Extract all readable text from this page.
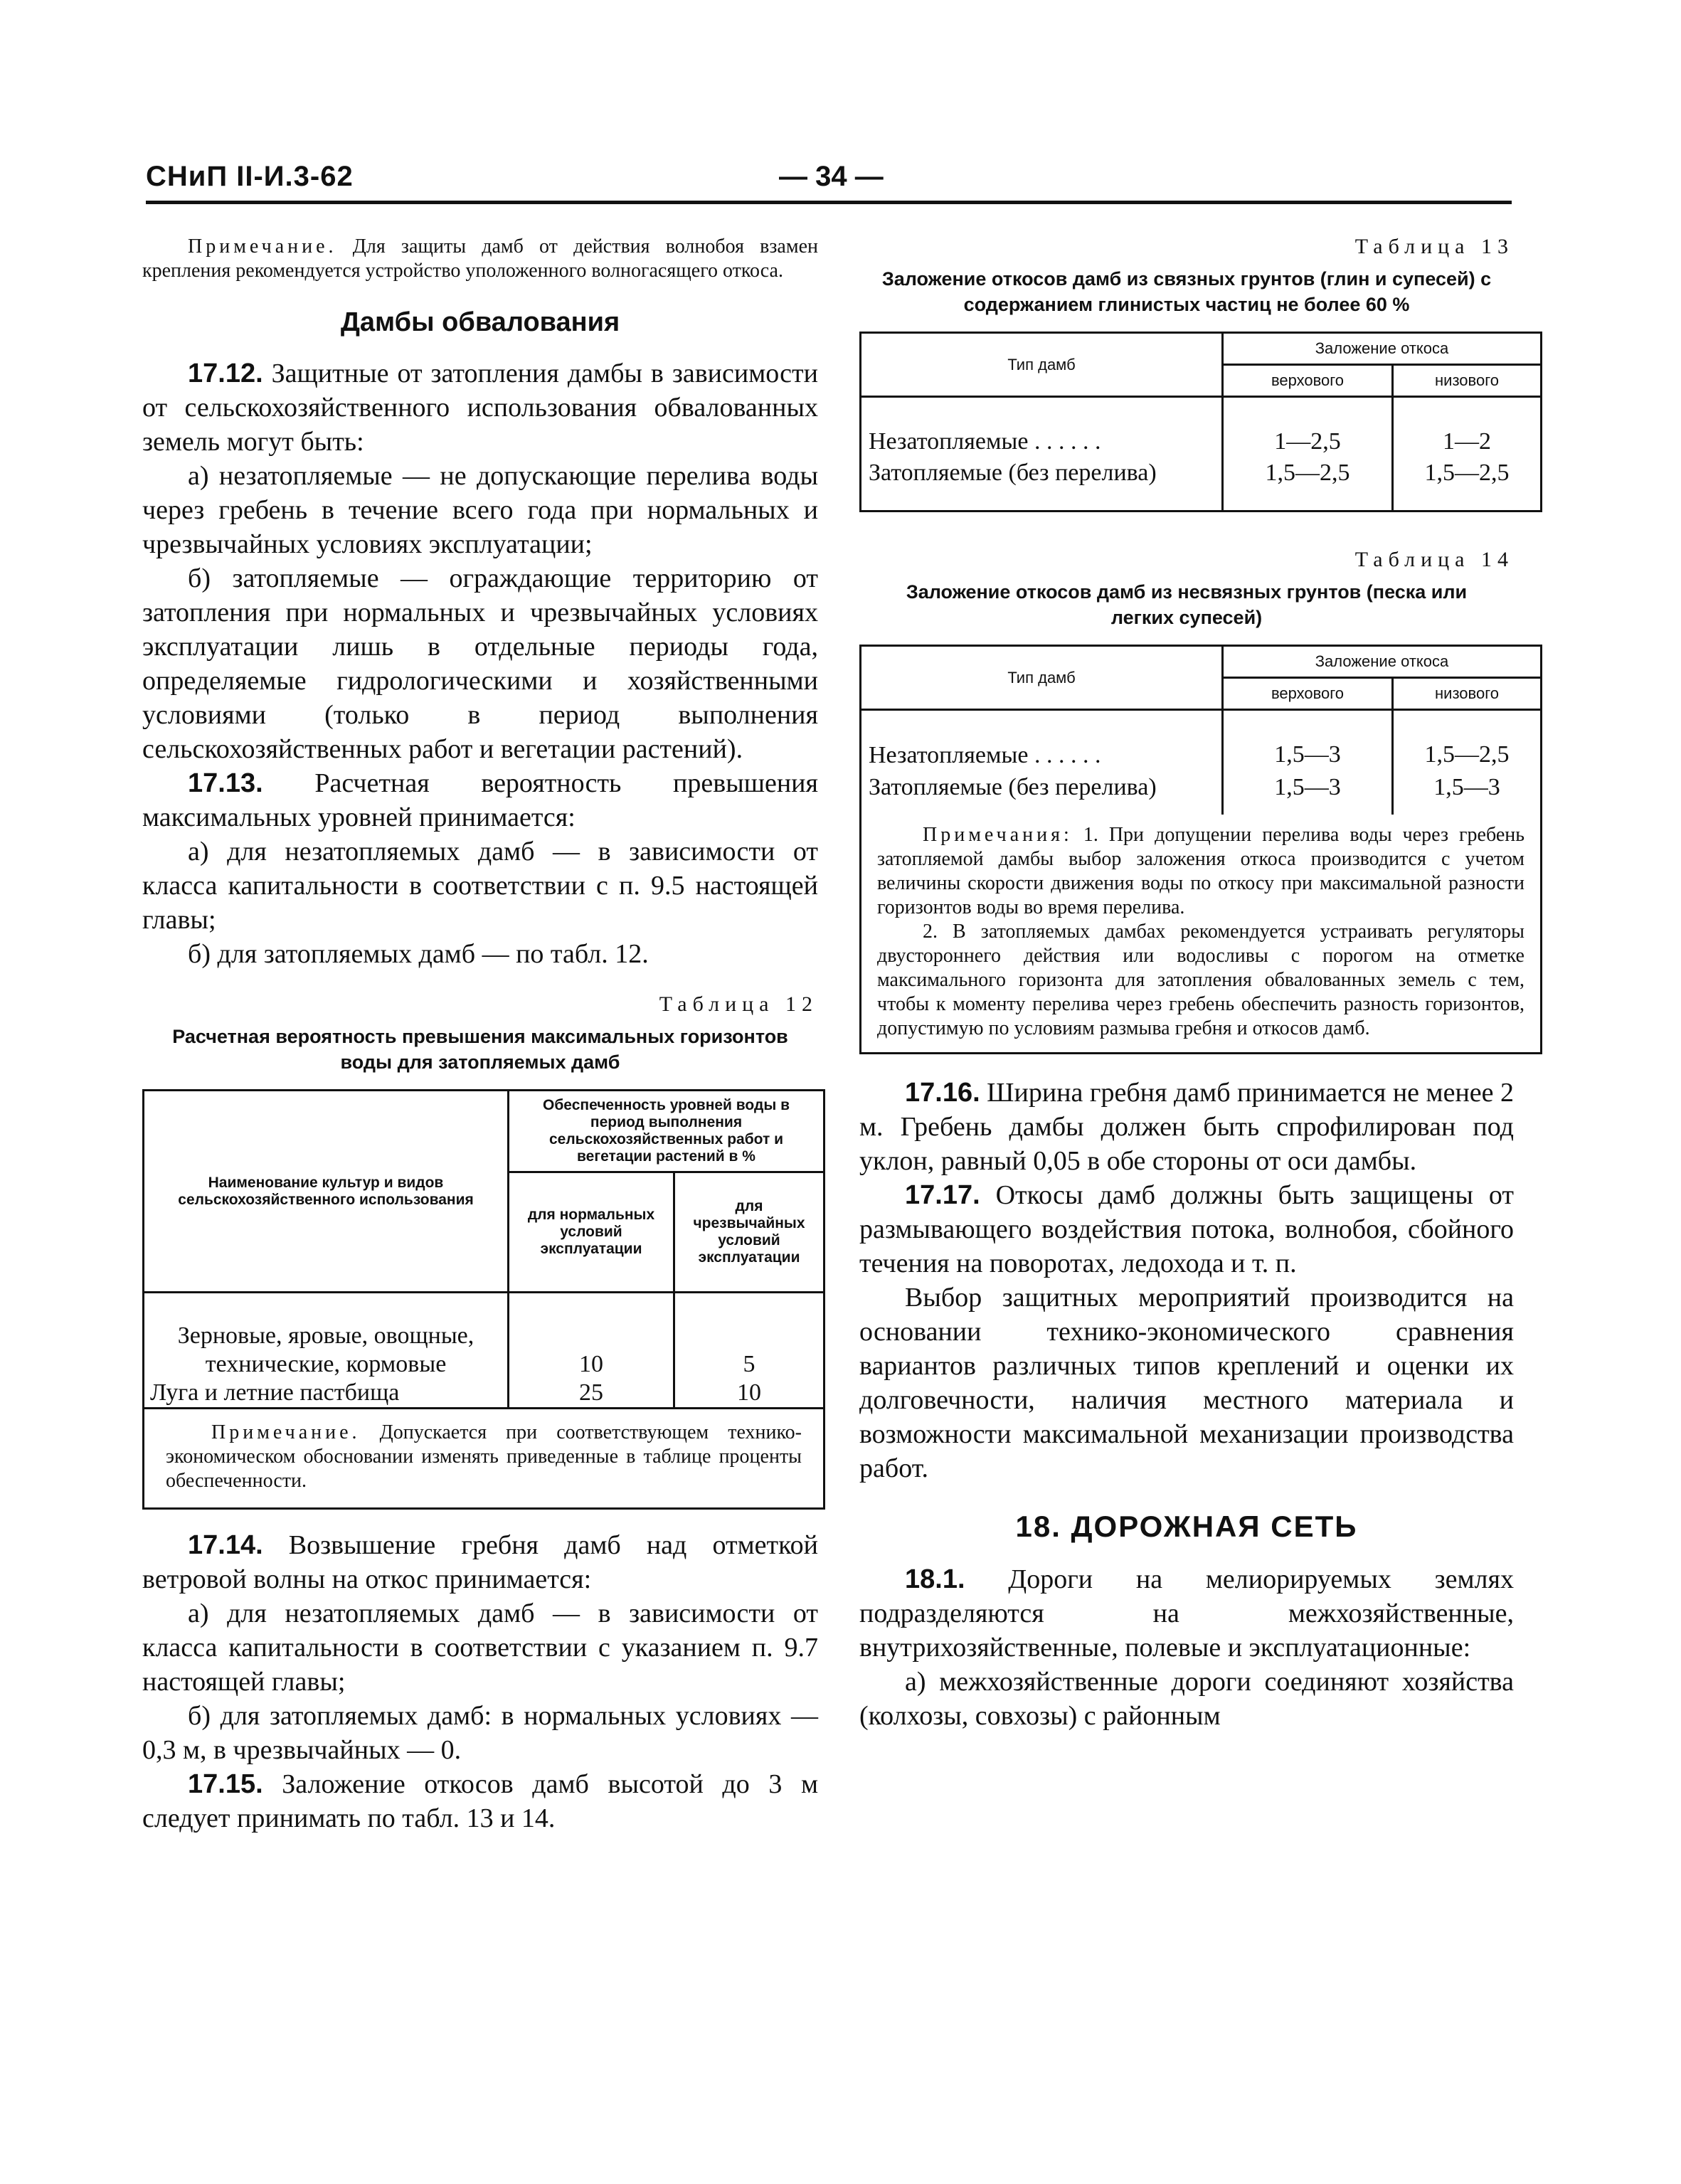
СНиП II-И.3-62	— 34 —

Примечание. Для защиты дамб от действия волнобоя взамен крепления рекомендуется устройство уположенного волногасящего откоса.

Дамбы обвалования

17.12. Защитные от затопления дамбы в зависимости от сельскохозяйственного использования обвалованных земель могут быть:

а) незатопляемые — не допускающие перелива воды через гребень в течение всего года при нормальных и чрезвычайных условиях эксплуатации;

б) затопляемые — ограждающие территорию от затопления при нормальных и чрезвычайных условиях эксплуатации лишь в отдельные периоды года, определяемые гидрологическими и хозяйственными условиями (только в период выполнения сельскохозяйственных работ и вегетации растений).

17.13. Расчетная вероятность превышения максимальных уровней принимается:

а) для незатопляемых дамб — в зависимости от класса капитальности в соответствии с п. 9.5 настоящей главы;

б) для затопляемых дамб — по табл. 12.

Таблица 12

Расчетная вероятность превышения максимальных горизонтов воды для затопляемых дамб
Наименование культур и видов сельскохозяйственного использования	Обеспеченность уровней воды в период выполнения сельскохозяйственных работ и вегетации растений в %	
	для нормальных условий эксплуатации	для чрезвычайных условий эксплуатации
Зерновые, яровые, овощные, технические, кормовые	10	5
Луга и летние пастбища	25	10

Примечание. Допускается при соответствующем технико-экономическом обосновании изменять приведенные в таблице проценты обеспеченности.		

17.14. Возвышение гребня дамб над отметкой ветровой волны на откос принимается:

а) для незатопляемых дамб — в зависимости от класса капитальности в соответствии с указанием п. 9.7 настоящей главы;

б) для затопляемых дамб: в нормальных условиях — 0,3 м, в чрезвычайных — 0.

17.15. Заложение откосов дамб высотой до 3 м следует принимать по табл. 13 и 14.

Таблица 13

Заложение откосов дамб из связных грунтов (глин и супесей) с содержанием глинистых частиц не более 60 %
Тип дамб	Заложение откоса	
	верхового	низового
Незатопляемые . . . . . .	1—2,5	1—2
Затопляемые (без перелива)	1,5—2,5	1,5—2,5

Таблица 14

Заложение откосов дамб из несвязных грунтов (песка или легких супесей)
Тип дамб	Заложение откоса	
	верхового	низового
Незатопляемые . . . . . .	1,5—3	1,5—2,5
Затопляемые (без перелива)	1,5—3	1,5—3

Примечания: 1. При допущении перелива воды через гребень затопляемой дамбы выбор заложения откоса производится с учетом величины скорости движения воды по откосу при максимальной разности горизонтов воды во время перелива.

2. В затопляемых дамбах рекомендуется устраивать регуляторы двустороннего действия или водосливы с порогом на отметке максимального горизонта для затопления обвалованных земель с тем, чтобы к моменту перелива через гребень обеспечить разность горизонтов, допустимую по условиям размыва гребня и откосов дамб.

17.16. Ширина гребня дамб принимается не менее 2 м. Гребень дамбы должен быть спрофилирован под уклон, равный 0,05 в обе стороны от оси дамбы.

17.17. Откосы дамб должны быть защищены от размывающего воздействия потока, волнобоя, сбойного течения на поворотах, ледохода и т. п.

Выбор защитных мероприятий производится на основании технико-экономического сравнения вариантов различных типов креплений и оценки их долговечности, наличия местного материала и возможности максимальной механизации производства работ.

18. ДОРОЖНАЯ СЕТЬ

18.1. Дороги на мелиорируемых землях подразделяются на межхозяйственные, внутрихозяйственные, полевые и эксплуатационные:

а) межхозяйственные дороги соединяют хозяйства (колхозы, совхозы) с районным
